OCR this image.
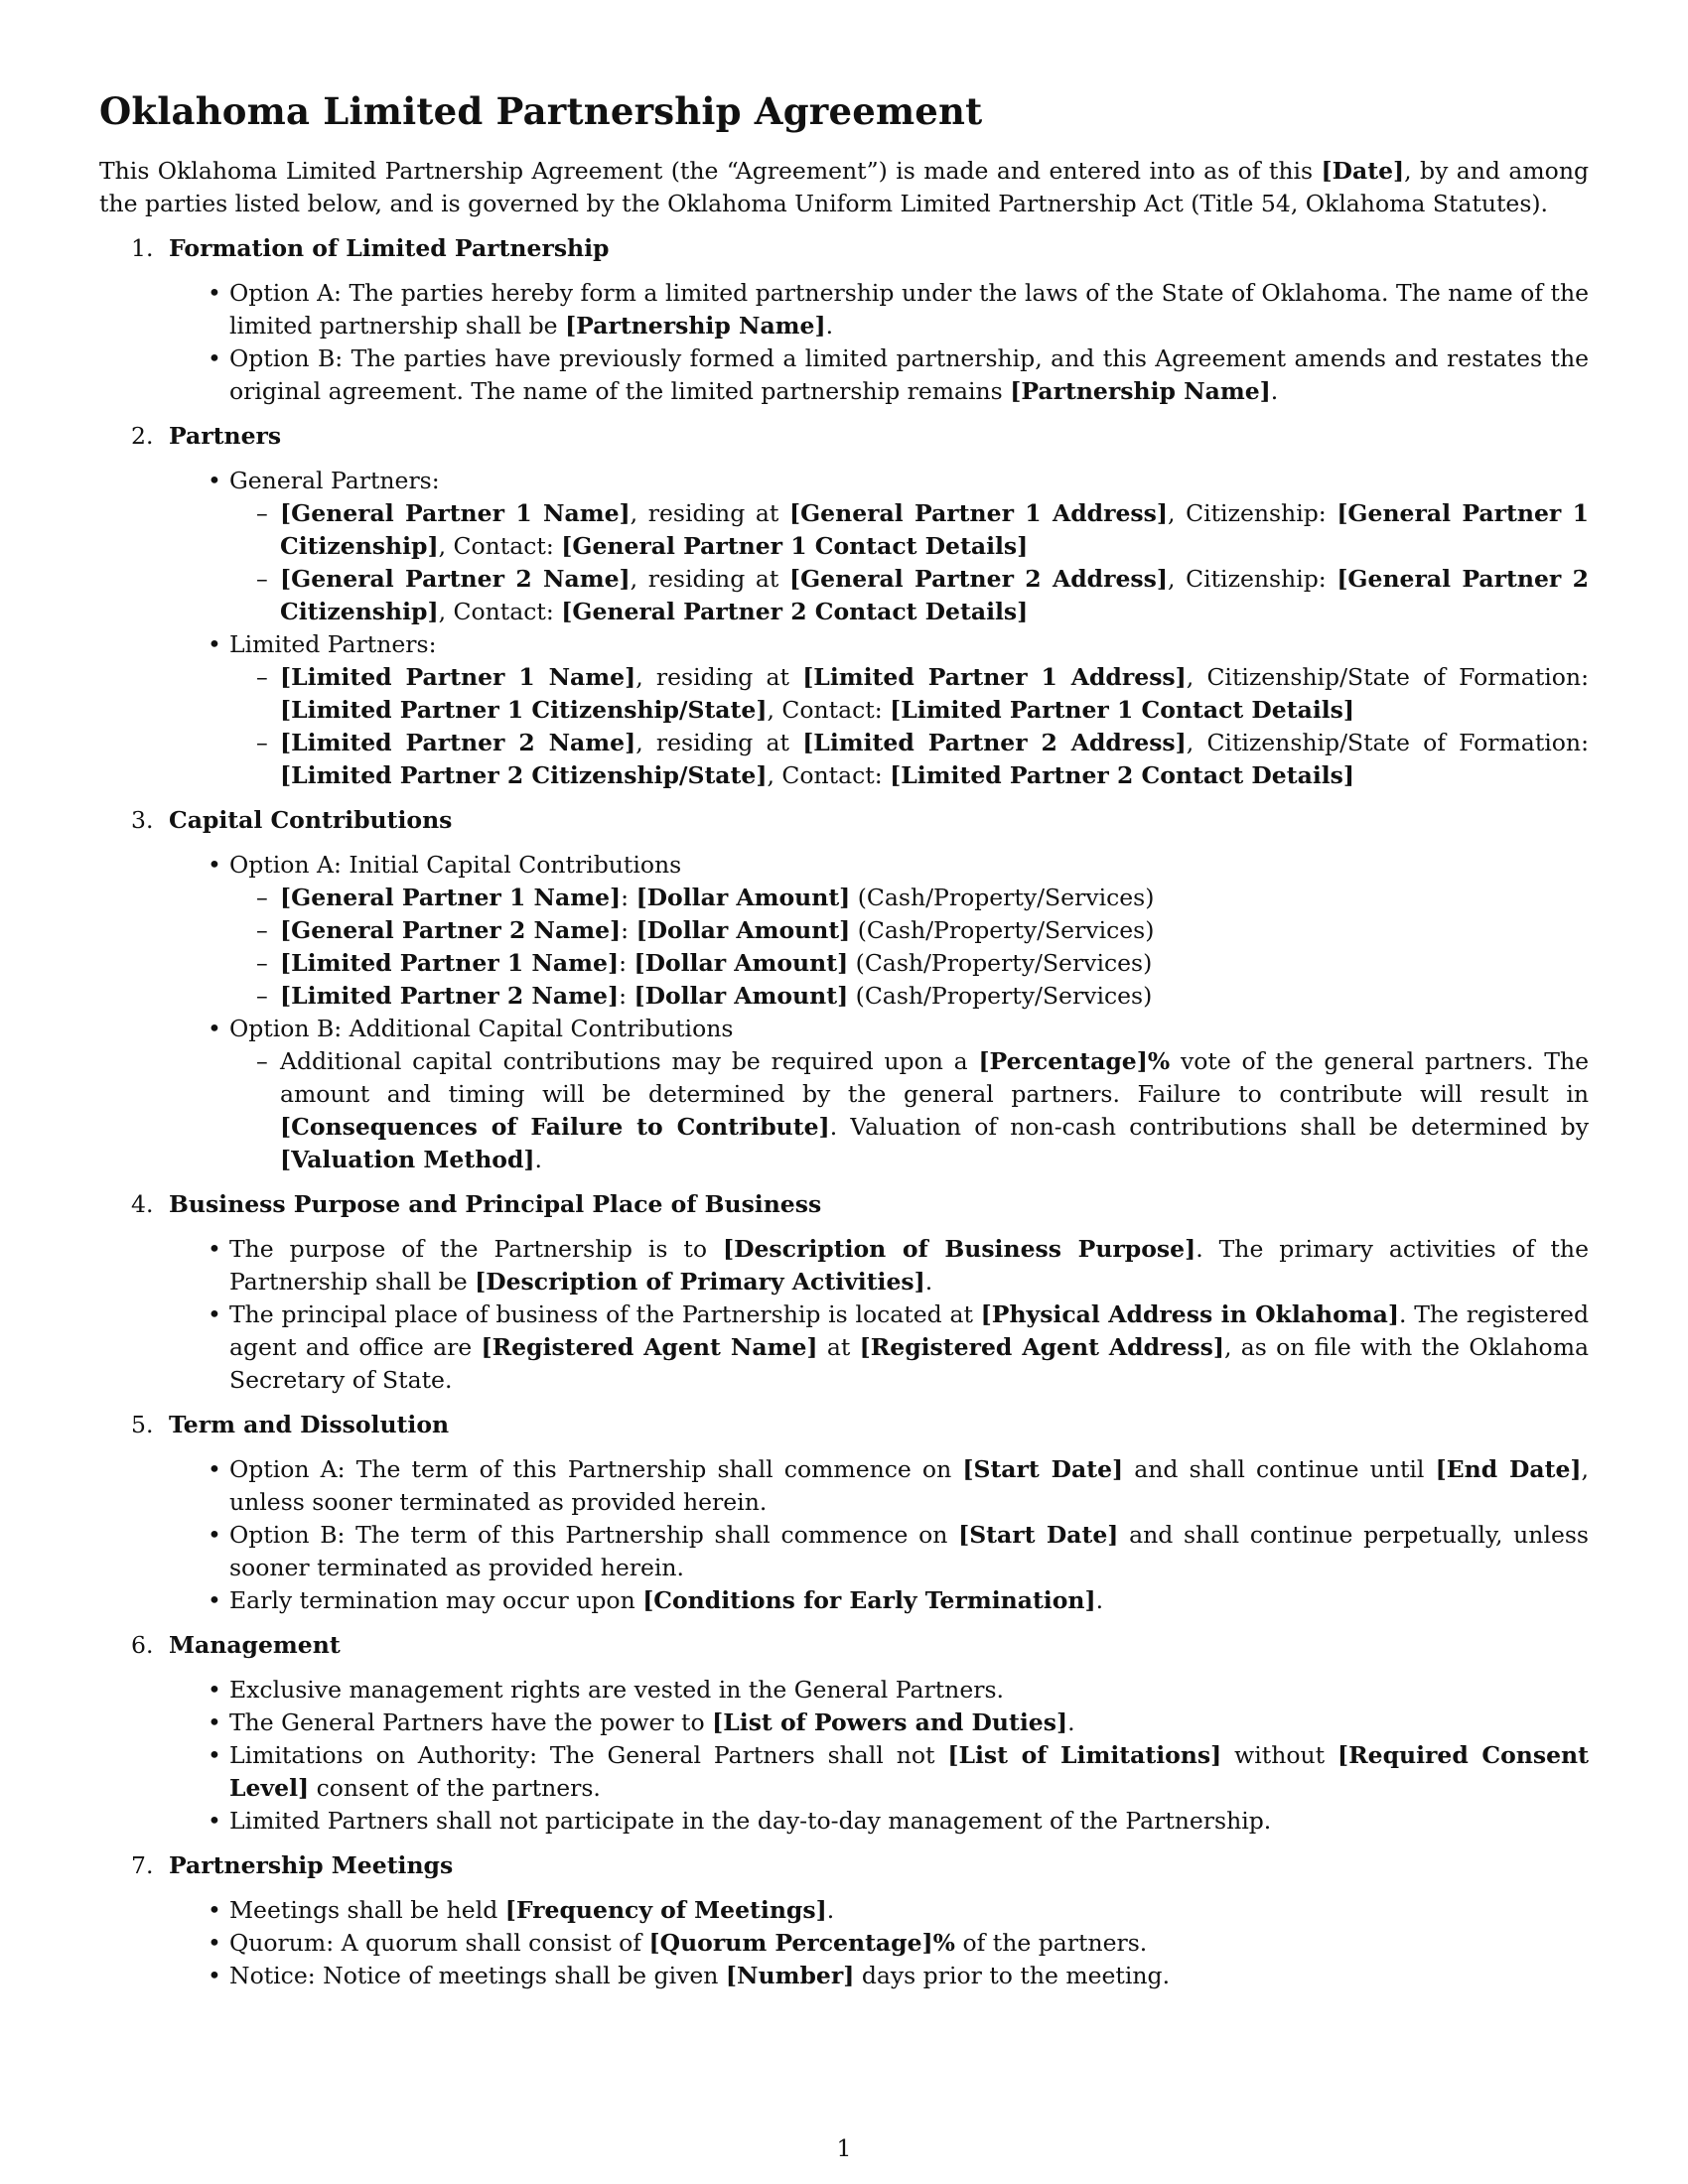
Oklahoma Limited Partnership Agreement

This Oklahoma Limited Partnership Agreement (the “Agreement”) is made and entered into as of this [Date], by and among the parties listed below, and is governed by the Oklahoma Uniform Limited Partnership Act (Title 54, Oklahoma Statutes).

1. Formation of Limited Partnership
• Option A: The parties hereby form a limited partnership under the laws of the State of Oklahoma. The name of the limited partnership shall be [Partnership Name].
• Option B: The parties have previously formed a limited partnership, and this Agreement amends and restates the original agreement. The name of the limited partnership remains [Partnership Name].
2. Partners
• General Partners:
– [General Partner 1 Name], residing at [General Partner 1 Address], Citizenship: [General Partner 1 Citizenship], Contact: [General Partner 1 Contact Details]
– [General Partner 2 Name], residing at [General Partner 2 Address], Citizenship: [General Partner 2 Citizenship], Contact: [General Partner 2 Contact Details]
• Limited Partners:
– [Limited Partner 1 Name], residing at [Limited Partner 1 Address], Citizenship/State of Formation: [Limited Partner 1 Citizenship/State], Contact: [Limited Partner 1 Contact Details]
– [Limited Partner 2 Name], residing at [Limited Partner 2 Address], Citizenship/State of Formation: [Limited Partner 2 Citizenship/State], Contact: [Limited Partner 2 Contact Details]
3. Capital Contributions
• Option A: Initial Capital Contributions
– [General Partner 1 Name]: [Dollar Amount] (Cash/Property/Services)
– [General Partner 2 Name]: [Dollar Amount] (Cash/Property/Services)
– [Limited Partner 1 Name]: [Dollar Amount] (Cash/Property/Services)
– [Limited Partner 2 Name]: [Dollar Amount] (Cash/Property/Services)
• Option B: Additional Capital Contributions
– Additional capital contributions may be required upon a [Percentage]% vote of the general partners. The amount and timing will be determined by the general partners. Failure to contribute will result in [Consequences of Failure to Contribute]. Valuation of non-cash contributions shall be determined by [Valuation Method].
4. Business Purpose and Principal Place of Business
• The purpose of the Partnership is to [Description of Business Purpose]. The primary activities of the Partnership shall be [Description of Primary Activities].
• The principal place of business of the Partnership is located at [Physical Address in Oklahoma]. The registered agent and office are [Registered Agent Name] at [Registered Agent Address], as on file with the Oklahoma Secretary of State.
5. Term and Dissolution
• Option A: The term of this Partnership shall commence on [Start Date] and shall continue until [End Date], unless sooner terminated as provided herein.
• Option B: The term of this Partnership shall commence on [Start Date] and shall continue perpetually, unless sooner terminated as provided herein.
• Early termination may occur upon [Conditions for Early Termination].
6. Management
• Exclusive management rights are vested in the General Partners.
• The General Partners have the power to [List of Powers and Duties].
• Limitations on Authority: The General Partners shall not [List of Limitations] without [Required Consent Level] consent of the partners.
• Limited Partners shall not participate in the day-to-day management of the Partnership.
7. Partnership Meetings
• Meetings shall be held [Frequency of Meetings].
• Quorum: A quorum shall consist of [Quorum Percentage]% of the partners.
• Notice: Notice of meetings shall be given [Number] days prior to the meeting.
1
